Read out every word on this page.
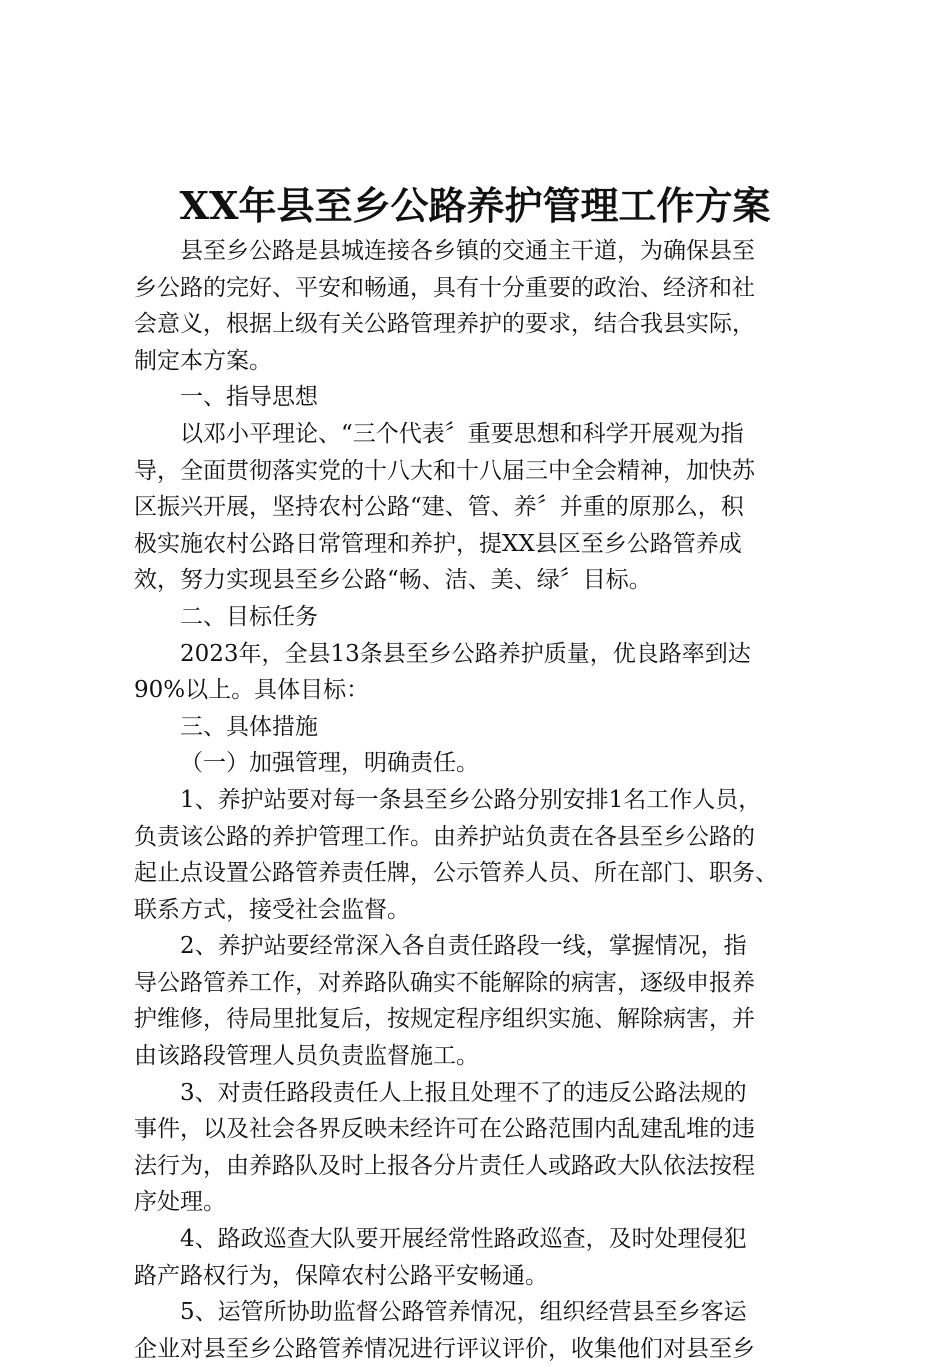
XX年县至乡公路养护管理工作方案

县至乡公路是县城连接各乡镇的交通主干道，为确保县至

乡公路的完好、平安和畅通，具有十分重要的政治、经济和社

会意义，根据上级有关公路管理养护的要求，结合我县实际，

制定本方案。

一、指导思想

以邓小平理论、“三个代表〞重要思想和科学开展观为指

导，全面贯彻落实党的十八大和十八届三中全会精神，加快苏

区振兴开展，坚持农村公路“建、管、养〞并重的原那么，积

极实施农村公路日常管理和养护，提XX县区至乡公路管养成

效，努力实现县至乡公路“畅、洁、美、绿〞目标。

二、目标任务

2023年，全县13条县至乡公路养护质量，优良路率到达

90%以上。具体目标：

三、具体措施

（一）加强管理，明确责任。

1、养护站要对每一条县至乡公路分别安排1名工作人员，

负责该公路的养护管理工作。由养护站负责在各县至乡公路的

起止点设置公路管养责任牌，公示管养人员、所在部门、职务、

联系方式，接受社会监督。

2、养护站要经常深入各自责任路段一线，掌握情况，指

导公路管养工作，对养路队确实不能解除的病害，逐级申报养

护维修，待局里批复后，按规定程序组织实施、解除病害，并

由该路段管理人员负责监督施工。

3、对责任路段责任人上报且处理不了的违反公路法规的

事件，以及社会各界反映未经许可在公路范围内乱建乱堆的违

法行为，由养路队及时上报各分片责任人或路政大队依法按程

序处理。

4、路政巡查大队要开展经常性路政巡查，及时处理侵犯

路产路权行为，保障农村公路平安畅通。

5、运管所协助监督公路管养情况，组织经营县至乡客运

企业对县至乡公路管养情况进行评议评价，收集他们对县至乡
